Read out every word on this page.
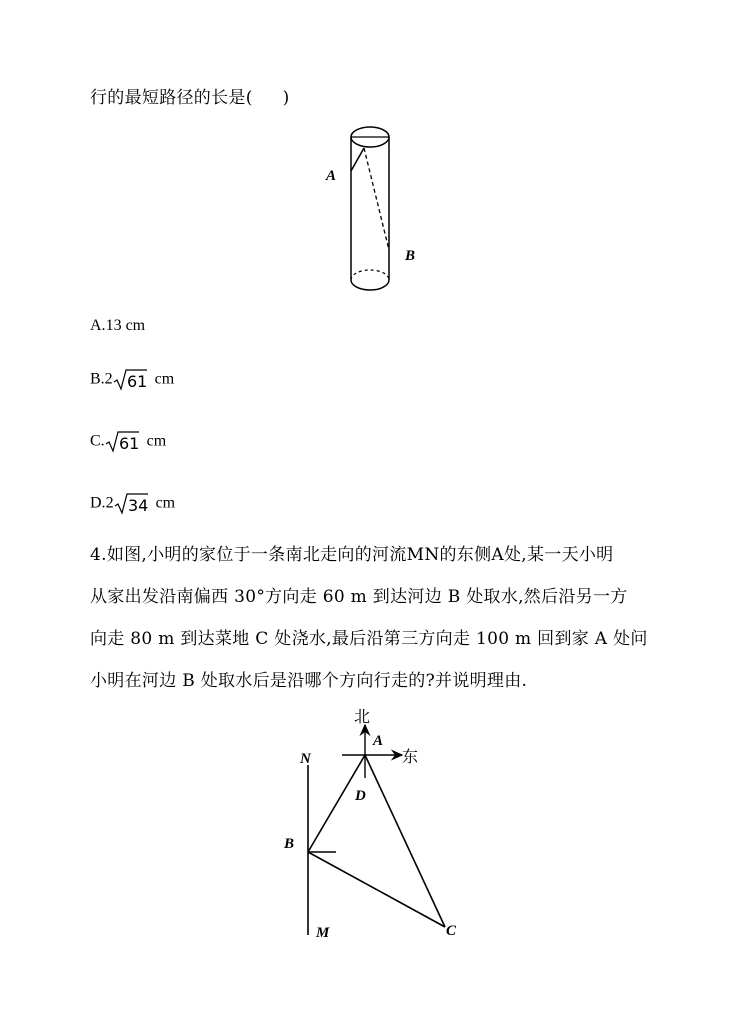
行的最短路径的长是( )
A
B
A.13 cm
B.2 61 cm
C. 61 cm
D.2 34 cm
4.如图,小明的家位于一条南北走向的河流MN的东侧A处,某一天小明
从家出发沿南偏西 30°方向走 60 m 到达河边 B 处取水,然后沿另一方
向走 80 m 到达菜地 C 处浇水,最后沿第三方向走 100 m 回到家 A 处问
小明在河边 B 处取水后是沿哪个方向行走的?并说明理由.
北
东
A
D
N
B
M	C
